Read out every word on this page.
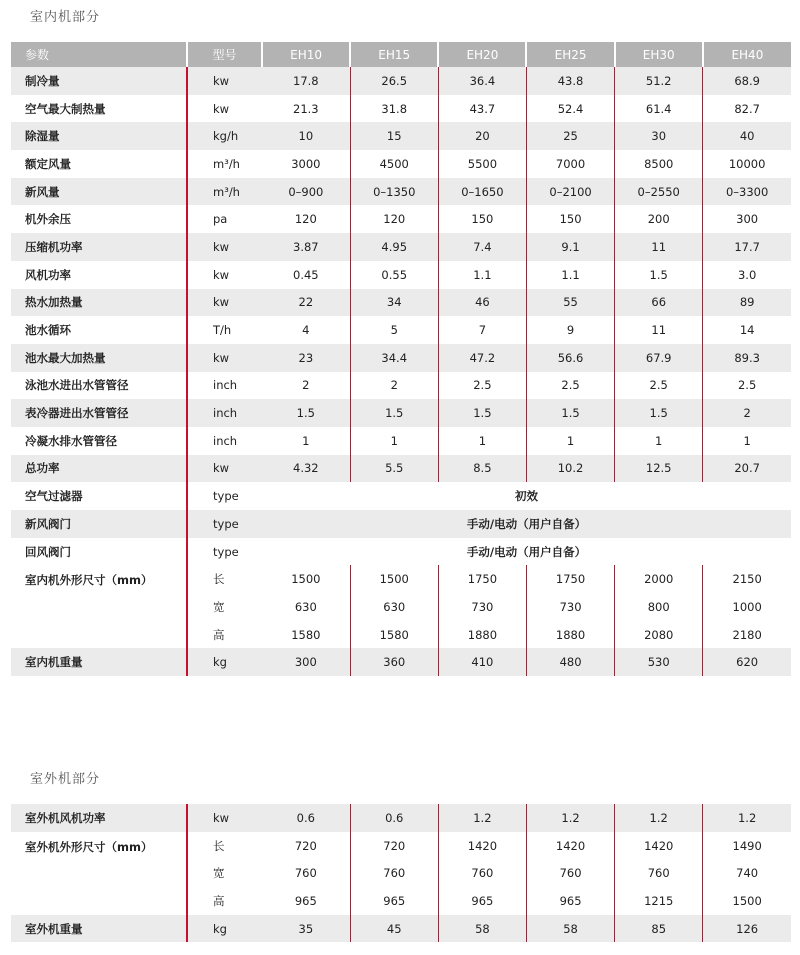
室内机部分
参数	型号	EH10	EH15	EH20	EH25	EH30	EH40
制冷量	kw	17.8	26.5	36.4	43.8	51.2	68.9
空气最大制热量	kw	21.3	31.8	43.7	52.4	61.4	82.7
除湿量	kg/h	10	15	20	25	30	40
额定风量	m³/h	3000	4500	5500	7000	8500	10000
新风量	m³/h	0–900	0–1350	0–1650	0–2100	0–2550	0–3300
机外余压	pa	120	120	150	150	200	300
压缩机功率	kw	3.87	4.95	7.4	9.1	11	17.7
风机功率	kw	0.45	0.55	1.1	1.1	1.5	3.0
热水加热量	kw	22	34	46	55	66	89
池水循环	T/h	4	5	7	9	11	14
池水最大加热量	kw	23	34.4	47.2	56.6	67.9	89.3
泳池水进出水管管径	inch	2	2	2.5	2.5	2.5	2.5
表冷器进出水管管径	inch	1.5	1.5	1.5	1.5	1.5	2
冷凝水排水管管径	inch	1	1	1	1	1	1
总功率	kw	4.32	5.5	8.5	10.2	12.5	20.7
空气过滤器	type	初效					
新风阀门	type	手动/电动（用户自备）					
回风阀门	type	手动/电动（用户自备）					
室内机外形尺寸（mm）	长	1500	1500	1750	1750	2000	2150
	宽	630	630	730	730	800	1000
	高	1580	1580	1880	1880	2080	2180
室内机重量	kg	300	360	410	480	530	620
室外机部分
室外机风机功率	kw	0.6	0.6	1.2	1.2	1.2	1.2
室外机外形尺寸（mm）	长	720	720	1420	1420	1420	1490
	宽	760	760	760	760	760	740
	高	965	965	965	965	1215	1500
室外机重量	kg	35	45	58	58	85	126
